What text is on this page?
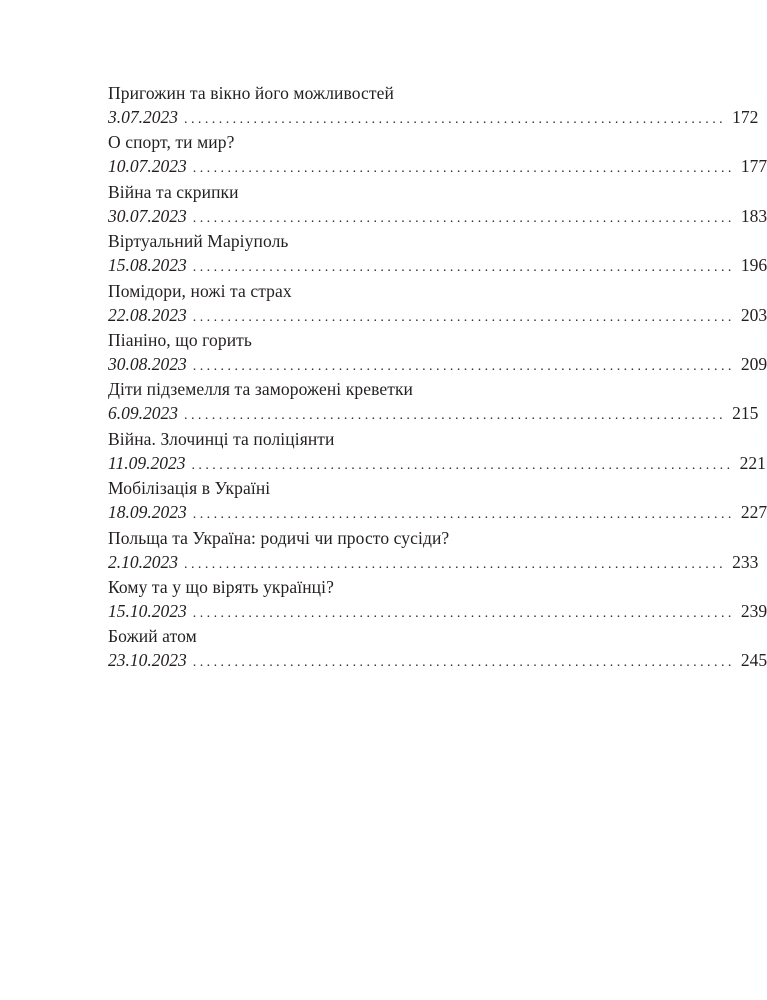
Пригожин та вікно його можливостей
3.07.2023 .............................................................................. 172
О спорт, ти мир?
10.07.2023 .............................................................................. 177
Війна та скрипки
30.07.2023 .............................................................................. 183
Віртуальний Маріуполь
15.08.2023 .............................................................................. 196
Помідори, ножі та страх
22.08.2023 .............................................................................. 203
Піаніно, що горить
30.08.2023 .............................................................................. 209
Діти підземелля та заморожені креветки
6.09.2023 .............................................................................. 215
Війна. Злочинці та поліціянти
11.09.2023 .............................................................................. 221
Мобілізація в Україні
18.09.2023 .............................................................................. 227
Польща та Україна: родичі чи просто сусіди?
2.10.2023 .............................................................................. 233
Кому та у що вірять українці?
15.10.2023 .............................................................................. 239
Божий атом
23.10.2023 .............................................................................. 245
